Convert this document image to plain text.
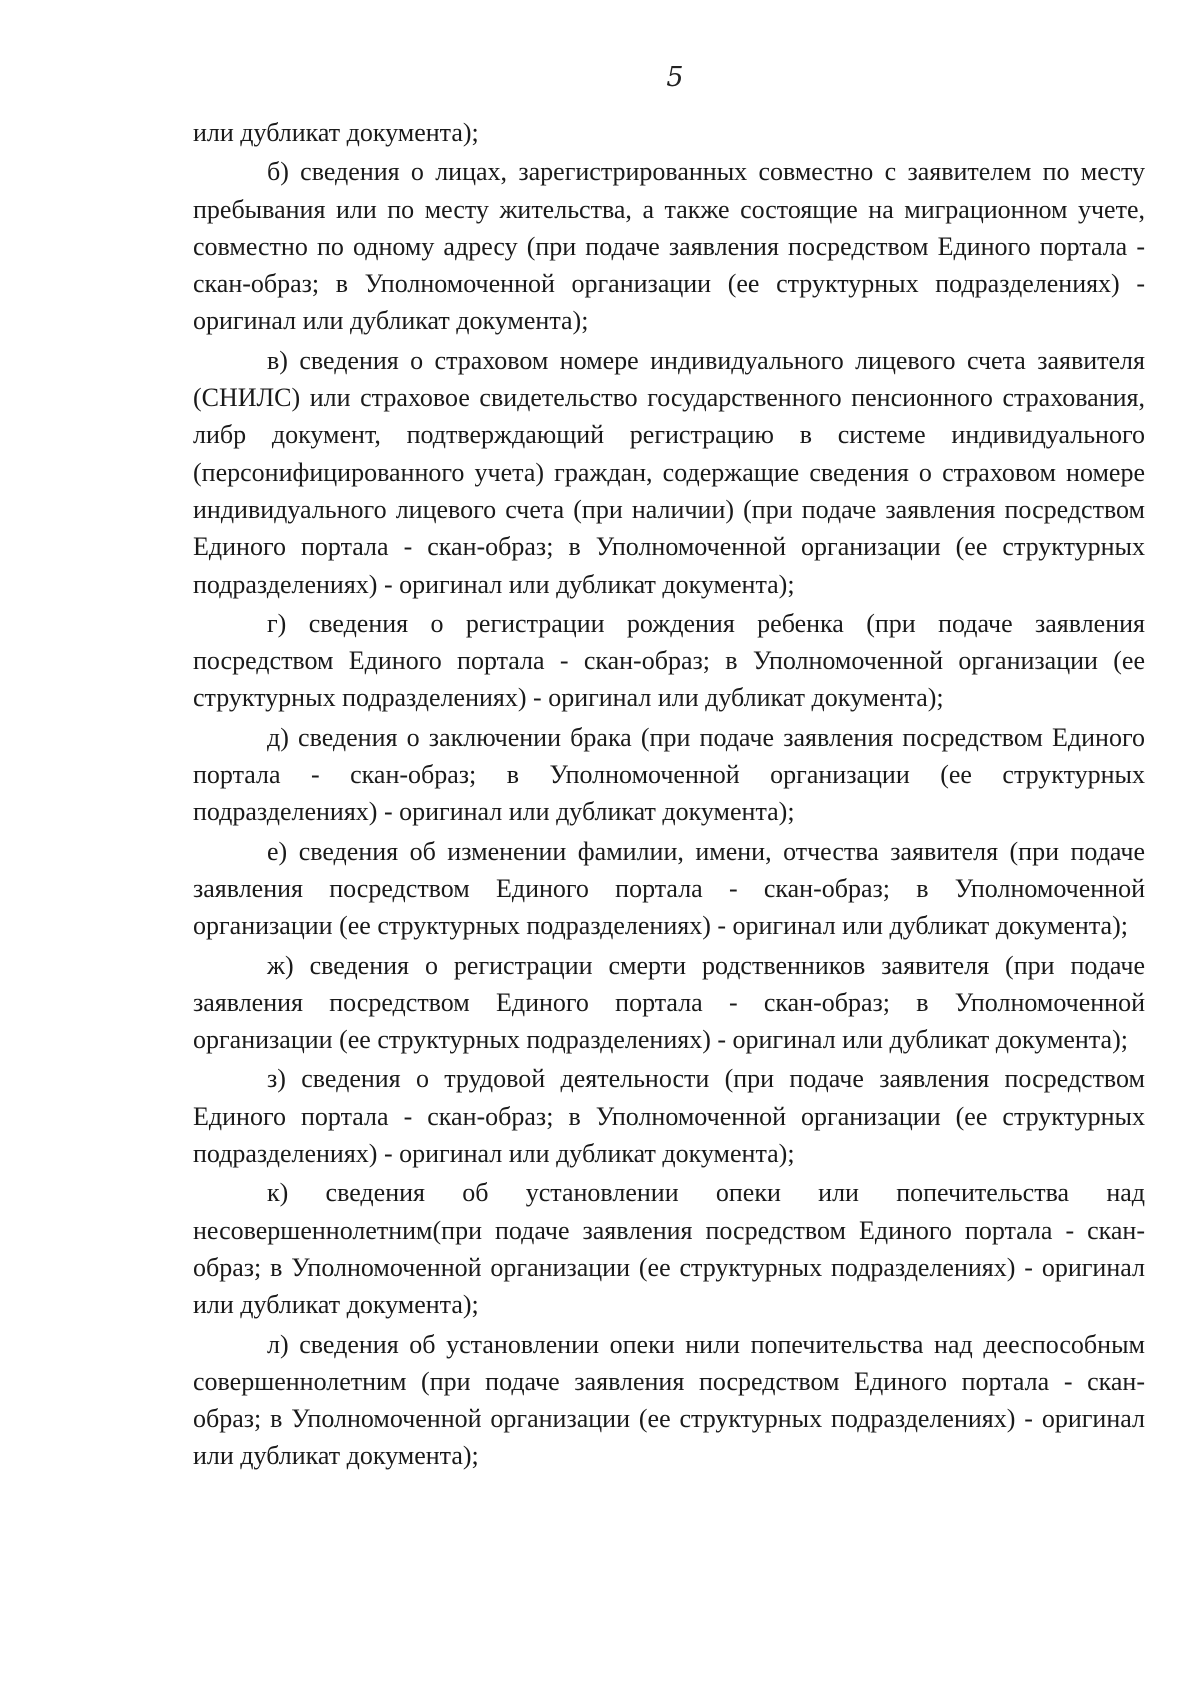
5

или дубликат документа);

б) сведения о лицах, зарегистрированных совместно с заявителем по месту пребывания или по месту жительства, а также состоящие на миграционном учете, совместно по одному адресу (при подаче заявления посредством Единого портала - скан-образ; в Уполномоченной организации (ее структурных подразделениях) - оригинал или дубликат документа);

в) сведения о страховом номере индивидуального лицевого счета заявителя (СНИЛС) или страховое свидетельство государственного пенсионного страхования, либр документ, подтверждающий регистрацию в системе индивидуального (персонифицированного учета) граждан, содержащие сведения о страховом номере индивидуального лицевого счета (при наличии) (при подаче заявления посредством Единого портала - скан-образ; в Уполномоченной организации (ее структурных подразделениях) - оригинал или дубликат документа);

г) сведения о регистрации рождения ребенка (при подаче заявления посредством Единого портала - скан-образ; в Уполномоченной организации (ее структурных подразделениях) - оригинал или дубликат документа);

д) сведения о заключении брака (при подаче заявления посредством Единого портала - скан-образ; в Уполномоченной организации (ее структурных подразделениях) - оригинал или дубликат документа);

е) сведения об изменении фамилии, имени, отчества заявителя (при подаче заявления посредством Единого портала - скан-образ; в Уполномоченной организации (ее структурных подразделениях) - оригинал или дубликат документа);

ж) сведения о регистрации смерти родственников заявителя (при подаче заявления посредством Единого портала - скан-образ; в Уполномоченной организации (ее структурных подразделениях) - оригинал или дубликат документа);

з) сведения о трудовой деятельности (при подаче заявления посредством Единого портала - скан-образ; в Уполномоченной организации (ее структурных подразделениях) - оригинал или дубликат документа);

к) сведения об установлении опеки или попечительства над несовершеннолетним(при подаче заявления посредством Единого портала - скан-образ; в Уполномоченной организации (ее структурных подразделениях) - оригинал или дубликат документа);

л) сведения об установлении опеки нили попечительства над дееспособным совершеннолетним (при подаче заявления посредством Единого портала - скан-образ; в Уполномоченной организации (ее структурных подразделениях) - оригинал или дубликат документа);
